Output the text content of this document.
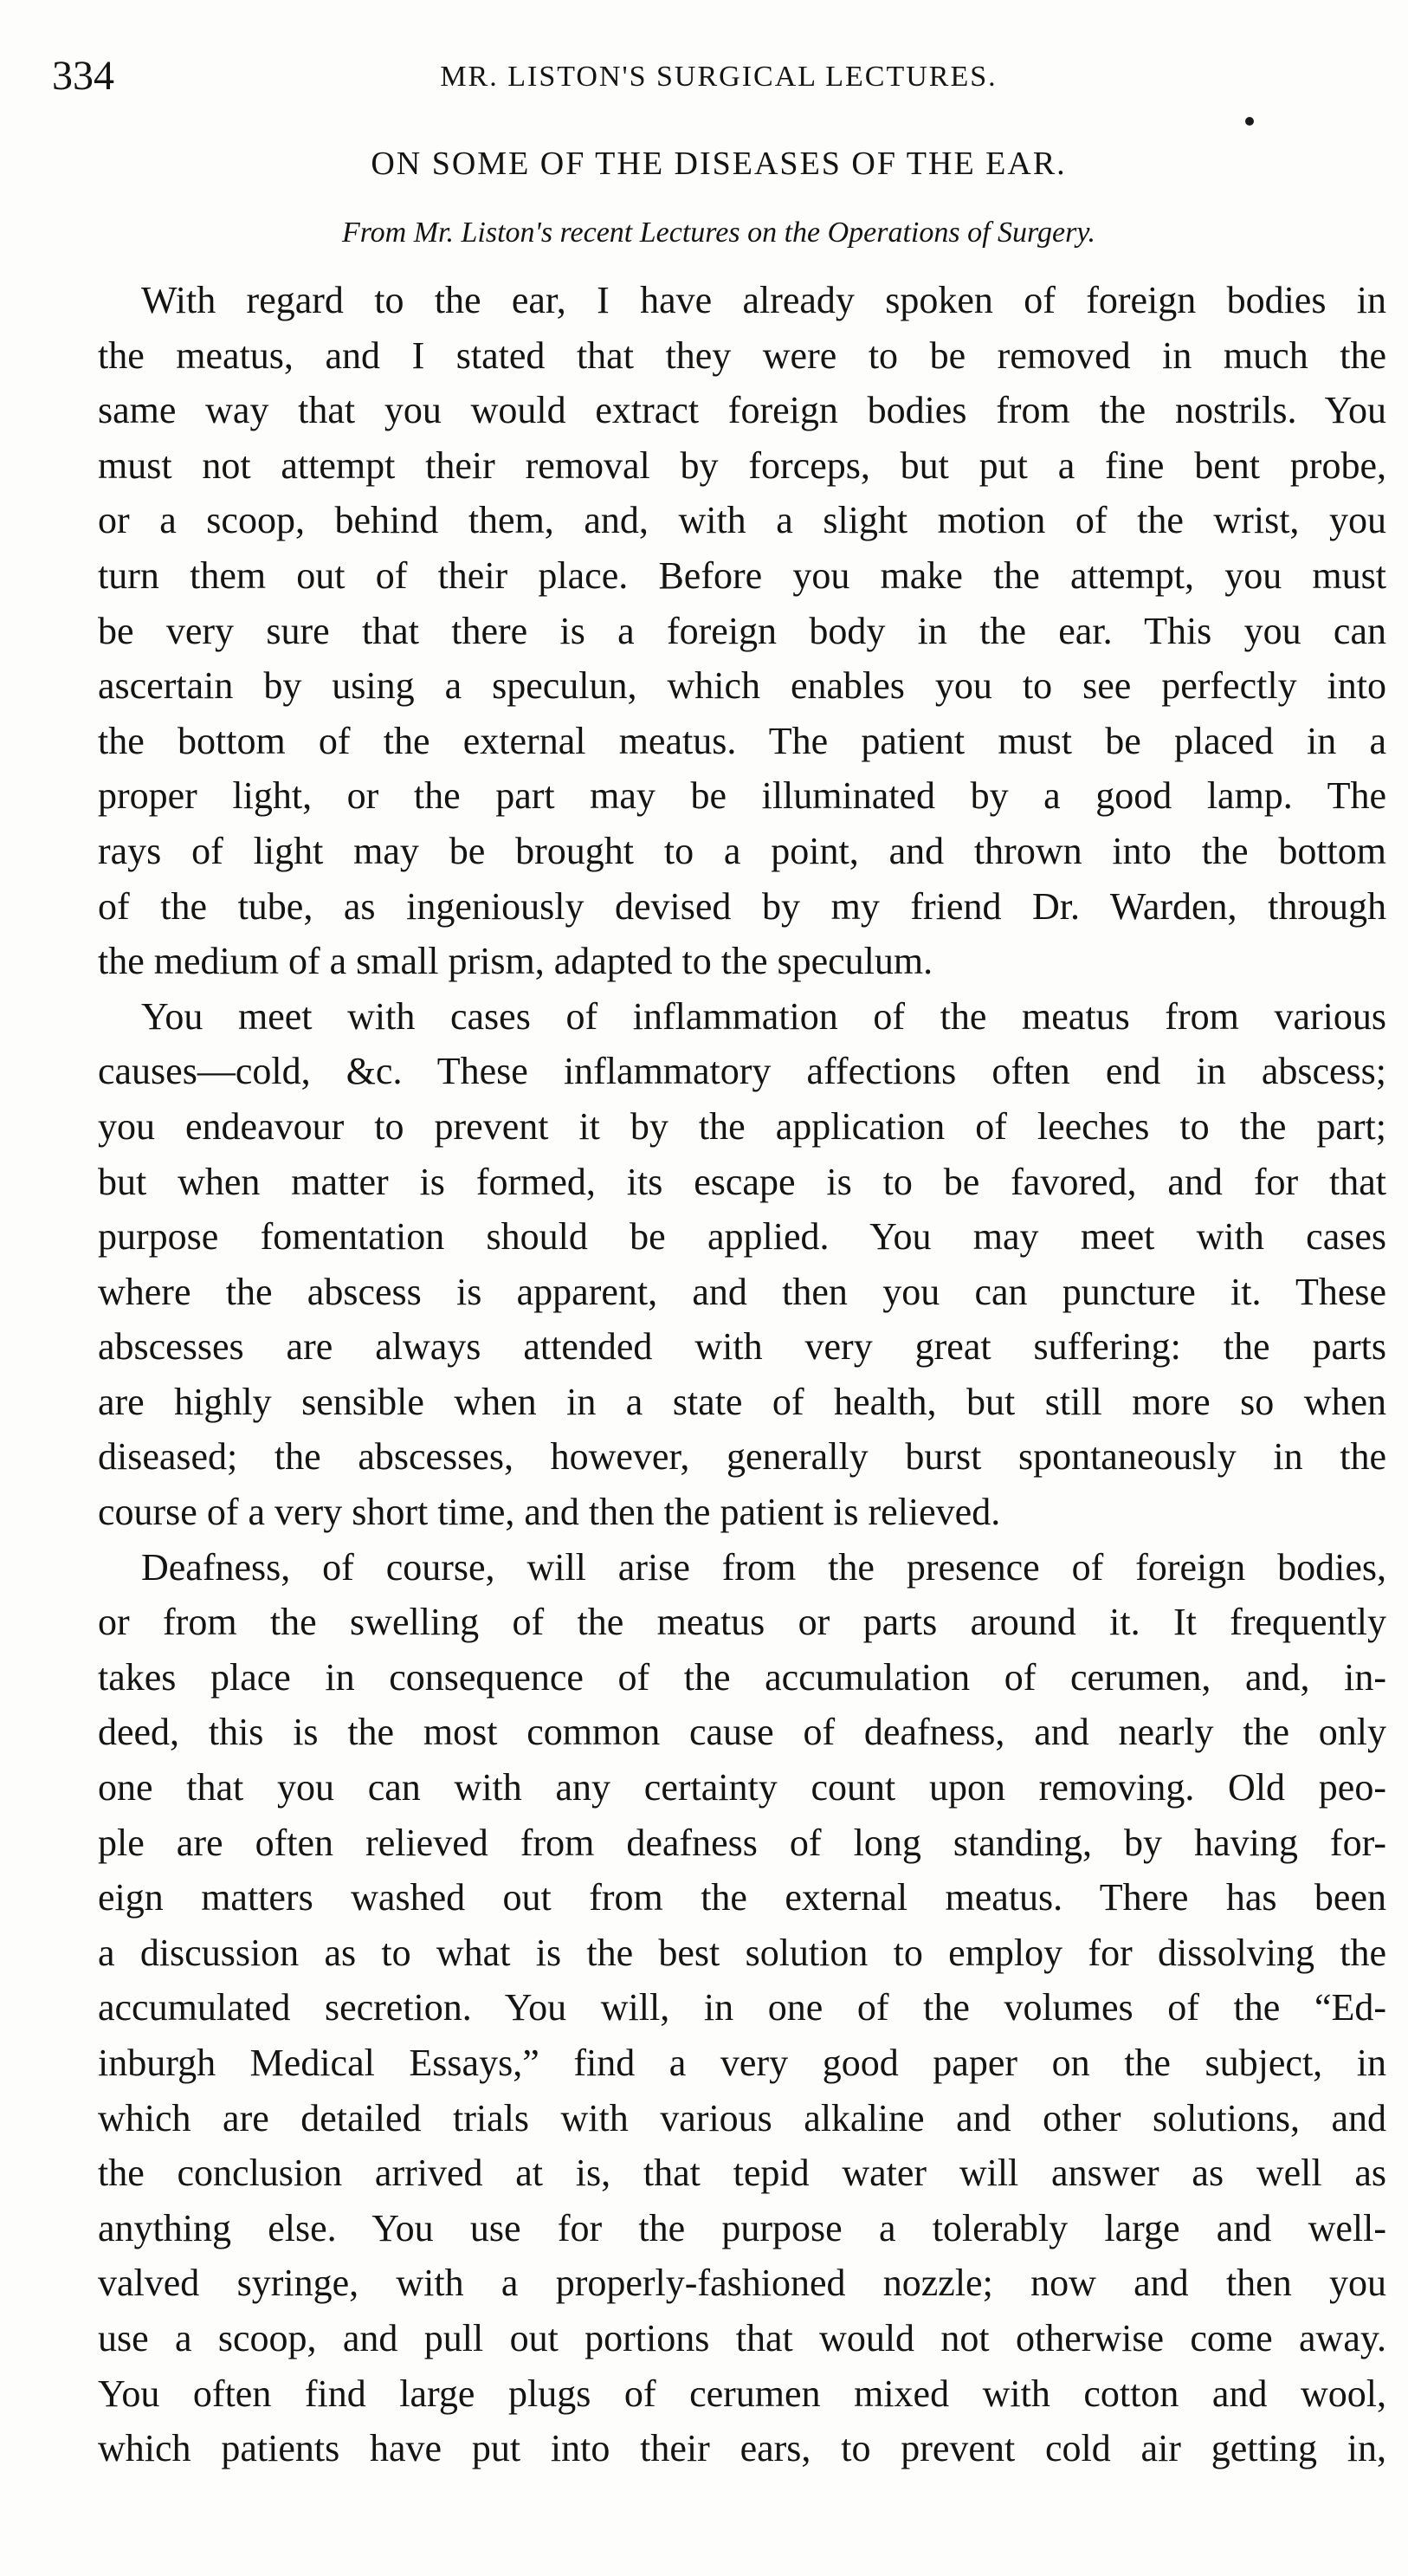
334	MR. LISTON'S SURGICAL LECTURES.
ON SOME OF THE DISEASES OF THE EAR.
From Mr. Liston's recent Lectures on the Operations of Surgery.
With regard to the ear, I have already spoken of foreign bodies in
the meatus, and I stated that they were to be removed in much the
same way that you would extract foreign bodies from the nostrils. You
must not attempt their removal by forceps, but put a fine bent probe,
or a scoop, behind them, and, with a slight motion of the wrist, you
turn them out of their place. Before you make the attempt, you must
be very sure that there is a foreign body in the ear. This you can
ascertain by using a speculun, which enables you to see perfectly into
the bottom of the external meatus. The patient must be placed in a
proper light, or the part may be illuminated by a good lamp. The
rays of light may be brought to a point, and thrown into the bottom
of the tube, as ingeniously devised by my friend Dr. Warden, through
the medium of a small prism, adapted to the speculum.
You meet with cases of inflammation of the meatus from various
causes—cold, &c. These inflammatory affections often end in abscess;
you endeavour to prevent it by the application of leeches to the part;
but when matter is formed, its escape is to be favored, and for that
purpose fomentation should be applied. You may meet with cases
where the abscess is apparent, and then you can puncture it. These
abscesses are always attended with very great suffering: the parts
are highly sensible when in a state of health, but still more so when
diseased; the abscesses, however, generally burst spontaneously in the
course of a very short time, and then the patient is relieved.
Deafness, of course, will arise from the presence of foreign bodies,
or from the swelling of the meatus or parts around it. It frequently
takes place in consequence of the accumulation of cerumen, and, in-
deed, this is the most common cause of deafness, and nearly the only
one that you can with any certainty count upon removing. Old peo-
ple are often relieved from deafness of long standing, by having for-
eign matters washed out from the external meatus. There has been
a discussion as to what is the best solution to employ for dissolving the
accumulated secretion. You will, in one of the volumes of the “Ed-
inburgh Medical Essays,” find a very good paper on the subject, in
which are detailed trials with various alkaline and other solutions, and
the conclusion arrived at is, that tepid water will answer as well as
anything else. You use for the purpose a tolerably large and well-
valved syringe, with a properly-fashioned nozzle; now and then you
use a scoop, and pull out portions that would not otherwise come away.
You often find large plugs of cerumen mixed with cotton and wool,
which patients have put into their ears, to prevent cold air getting in,
